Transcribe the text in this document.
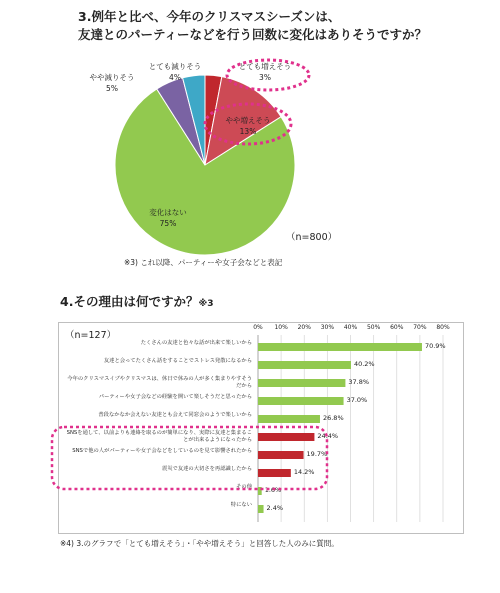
3.例年と比べ、今年のクリスマスシーズンは、
友達とのパーティーなどを行う回数に変化はありそうですか？
とても増えそう
3%
やや増えそう
13%
変化はない
75%
やや減りそう
5%
とても減りそう
4%
（n=800）
※3) これ以降、パーティーや女子会などと表記
4.その理由は何ですか？※3
（n=127）
0%	10%	20%	30%	40%	50%	60%	70%	80%
たくさんの友達と色々な話が出来て楽しいから
友達と会ってたくさん話をすることでストレス発散になるから
今年のクリスマスイブやクリスマスは、休日で休みの人が多く集まりやすそうだから
パーティーや女子会などの経験を開いて楽しそうだと思ったから
普段なかなか会えない友達とも会えて同窓会のようで楽しいから
SNSを通して、以前よりも連絡を取るのが簡単になり、実際に友達と集まることが出来るようになったから
SNSで他の人がパーティーや女子会などをしているのを見て影響されたから
震災で友達の大切さを再認識したから
その他
特にない
70.9%
40.2%
37.8%
37.0%
26.8%
24.4%
19.7%
14.2%
1.6%
2.4%
※4) 3.のグラフで「とても増えそう」・「やや増えそう」と回答した人のみに質問。
